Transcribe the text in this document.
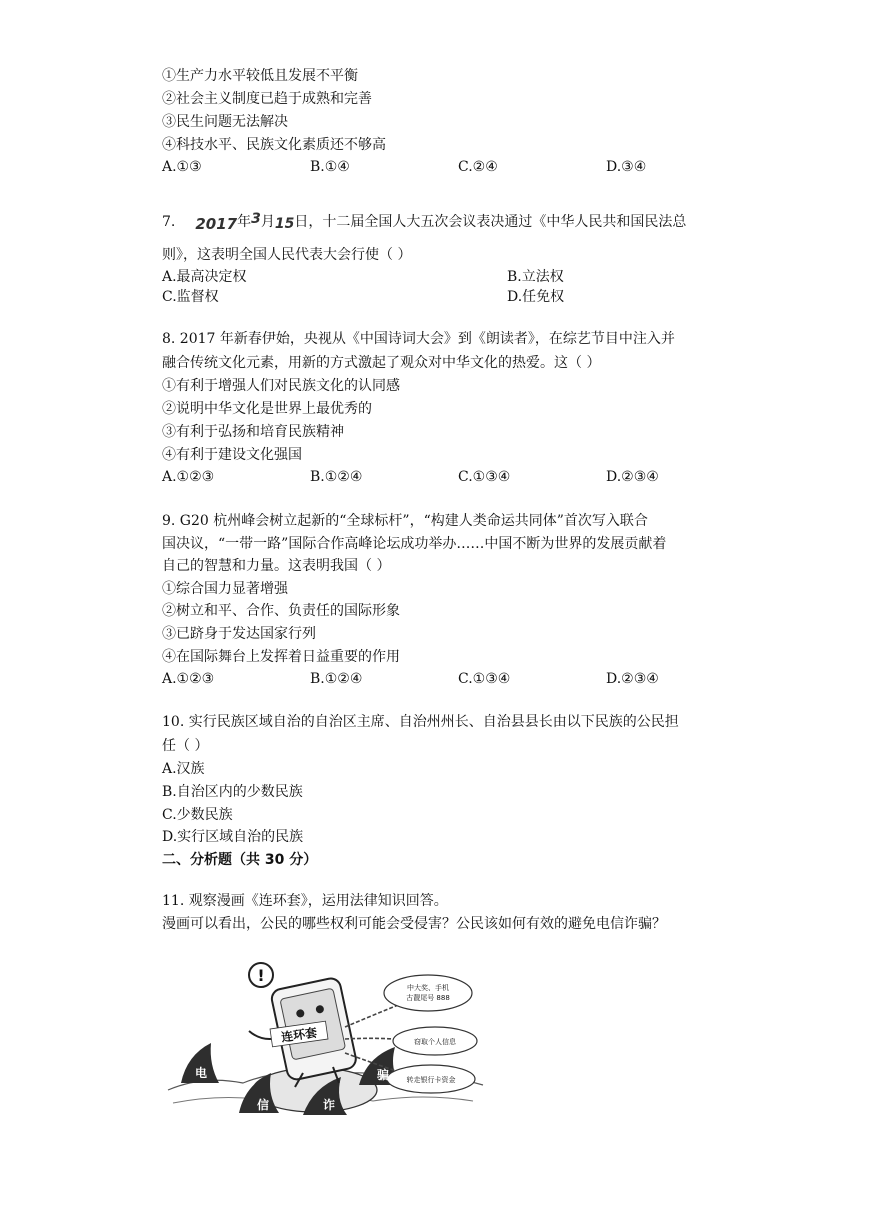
①生产力水平较低且发展不平衡
②社会主义制度已趋于成熟和完善
③民生问题无法解决
④科技水平、民族文化素质还不够高
A.①③	B.①④	C.②④	D.③④
7. 2017年3月15日，十二届全国人大五次会议表决通过《中华人民共和国民法总
则》，这表明全国人民代表大会行使（ ）
A.最高决定权	B.立法权
C.监督权	D.任免权
8. 2017 年新春伊始，央视从《中国诗词大会》到《朗读者》，在综艺节目中注入并
融合传统文化元素，用新的方式激起了观众对中华文化的热爱。这（ ）
①有利于增强人们对民族文化的认同感
②说明中华文化是世界上最优秀的
③有利于弘扬和培育民族精神
④有利于建设文化强国
A.①②③	B.①②④	C.①③④	D.②③④
9. G20 杭州峰会树立起新的“全球标杆”，“构建人类命运共同体”首次写入联合
国决议，“一带一路”国际合作高峰论坛成功举办……中国不断为世界的发展贡献着
自己的智慧和力量。这表明我国（ ）
①综合国力显著增强
②树立和平、合作、负责任的国际形象
③已跻身于发达国家行列
④在国际舞台上发挥着日益重要的作用
A.①②③	B.①②④	C.①③④	D.②③④
10. 实行民族区域自治的自治区主席、自治州州长、自治县县长由以下民族的公民担
任（ ）
A.汉族
B.自治区内的少数民族
C.少数民族
D.实行区域自治的民族
二、分析题（共 30 分）
11. 观察漫画《连环套》，运用法律知识回答。
漫画可以看出，公民的哪些权利可能会受侵害？公民该如何有效的避免电信诈骗？
!
连环套
中大奖、手机
古靓尾号 888
窃取个人信息
转走银行卡资金
电
信	诈
骗
